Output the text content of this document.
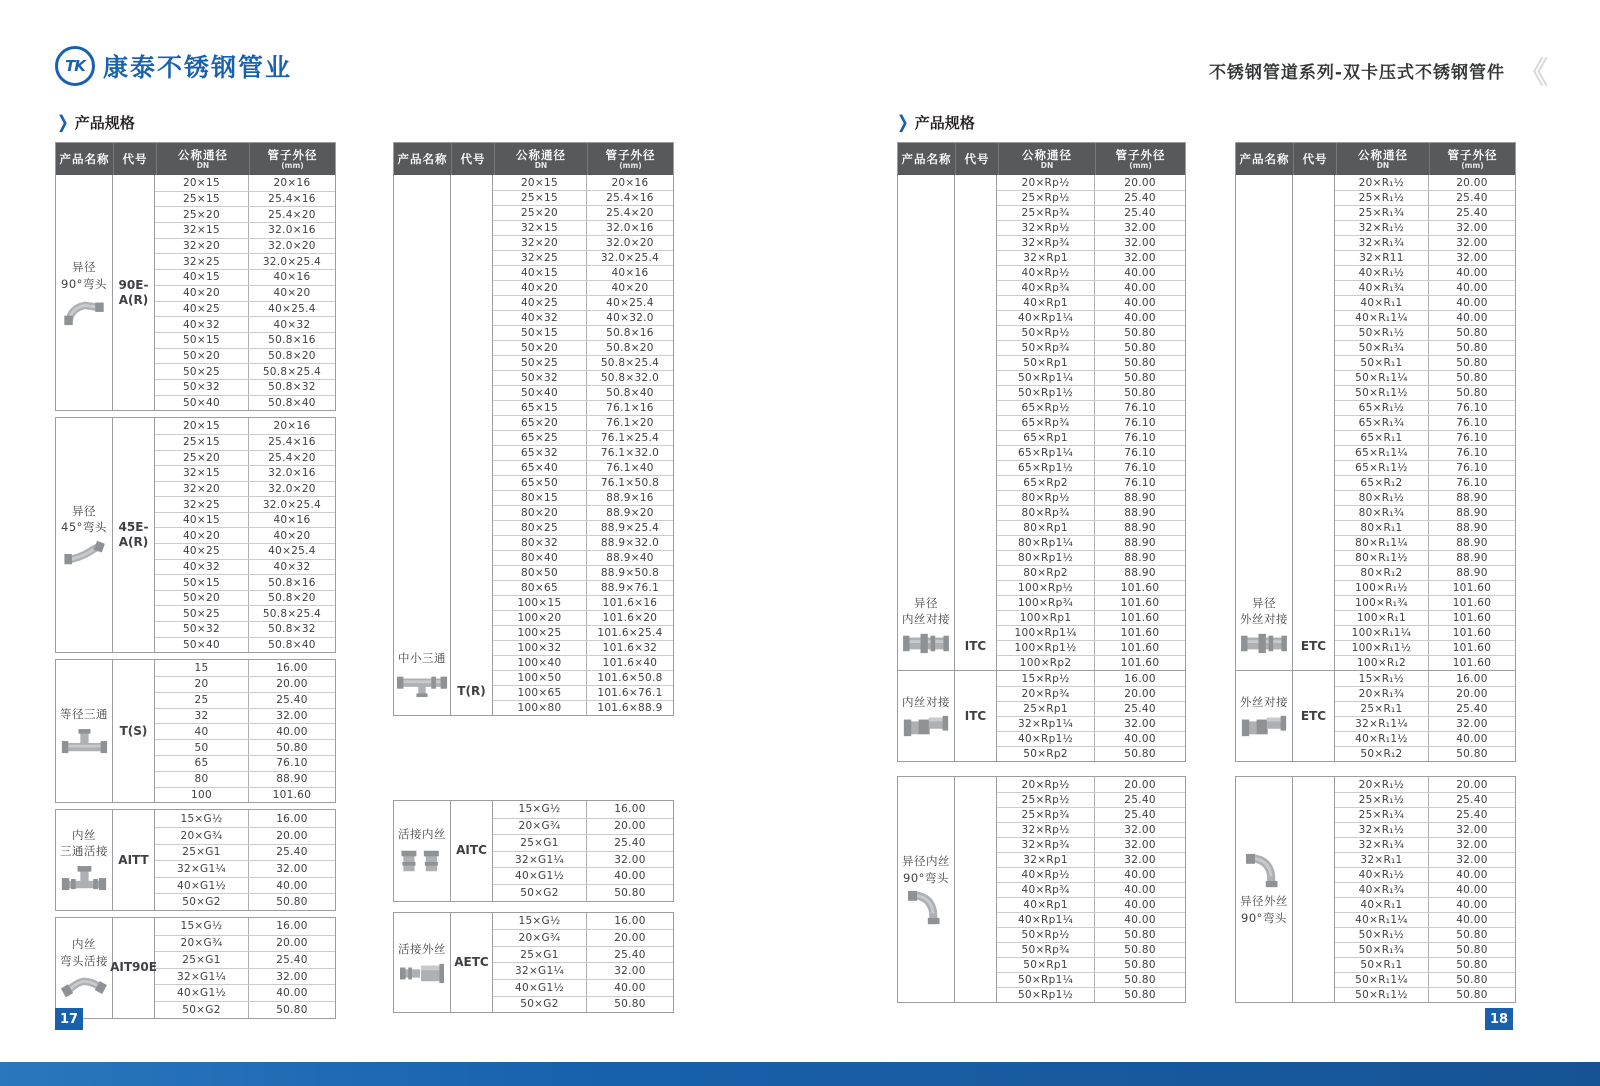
TK 康泰不锈钢管业	不锈钢管道系列-双卡压式不锈钢管件 《
❯ 产品规格	❯ 产品规格
产品名称 代号	公称通径
DN
管子外径
(mm)
异径
90°弯头 90E-
A(R)
20×15	20×16
25×15	25.4×16
25×20	25.4×20
32×15	32.0×16
32×20	32.0×20
32×25	32.0×25.4
40×15	40×16
40×20	40×20
40×25	40×25.4
40×32	40×32
50×15	50.8×16
50×20	50.8×20
50×25	50.8×25.4
50×32	50.8×32
50×40	50.8×40
异径
45°弯头 45E-
A(R)
20×15	20×16
25×15	25.4×16
25×20	25.4×20
32×15	32.0×16
32×20	32.0×20
32×25	32.0×25.4
40×15	40×16
40×20	40×20
40×25	40×25.4
40×32	40×32
50×15	50.8×16
50×20	50.8×20
50×25	50.8×25.4
50×32	50.8×32
50×40	50.8×40
等径三通
T(S)
15	16.00
20	20.00
25	25.40
32	32.00
40	40.00
50	50.80
65	76.10
80	88.90
100	101.60
内丝
三通活接
AITT
15×G½	16.00
20×G¾	20.00
25×G1	25.40
32×G1¼	32.00
40×G1½	40.00
50×G2	50.80
内丝
弯头活接 AIT90E
15×G½	16.00
20×G¾	20.00
25×G1	25.40
32×G1¼	32.00
40×G1½	40.00
50×G2	50.80
产品名称 代号	公称通径
DN
管子外径
(mm)
中小三通
T(R)
20×15	20×16
25×15	25.4×16
25×20	25.4×20
32×15	32.0×16
32×20	32.0×20
32×25	32.0×25.4
40×15	40×16
40×20	40×20
40×25	40×25.4
40×32	40×32.0
50×15	50.8×16
50×20	50.8×20
50×25	50.8×25.4
50×32	50.8×32.0
50×40	50.8×40
65×15	76.1×16
65×20	76.1×20
65×25	76.1×25.4
65×32	76.1×32.0
65×40	76.1×40
65×50	76.1×50.8
80×15	88.9×16
80×20	88.9×20
80×25	88.9×25.4
80×32	88.9×32.0
80×40	88.9×40
80×50	88.9×50.8
80×65	88.9×76.1
100×15	101.6×16
100×20	101.6×20
100×25	101.6×25.4
100×32	101.6×32
100×40	101.6×40
100×50	101.6×50.8
100×65	101.6×76.1
100×80	101.6×88.9
活接内丝
AITC
15×G½	16.00
20×G¾	20.00
25×G1	25.40
32×G1¼	32.00
40×G1½	40.00
50×G2	50.80
活接外丝
AETC
15×G½	16.00
20×G¾	20.00
25×G1	25.40
32×G1¼	32.00
40×G1½	40.00
50×G2	50.80
产品名称 代号	公称通径
DN
管子外径
(mm)
异径
内丝对接
ITC
20×Rp½	20.00
25×Rp½	25.40
25×Rp¾	25.40
32×Rp½	32.00
32×Rp¾	32.00
32×Rp1	32.00
40×Rp½	40.00
40×Rp¾	40.00
40×Rp1	40.00
40×Rp1¼	40.00
50×Rp½	50.80
50×Rp¾	50.80
50×Rp1	50.80
50×Rp1¼	50.80
50×Rp1½	50.80
65×Rp½	76.10
65×Rp¾	76.10
65×Rp1	76.10
65×Rp1¼	76.10
65×Rp1½	76.10
65×Rp2	76.10
80×Rp½	88.90
80×Rp¾	88.90
80×Rp1	88.90
80×Rp1¼	88.90
80×Rp1½	88.90
80×Rp2	88.90
100×Rp½	101.60
100×Rp¾	101.60
100×Rp1	101.60
100×Rp1¼	101.60
100×Rp1½	101.60
100×Rp2	101.60
内丝对接
ITC
15×Rp½	16.00
20×Rp¾	20.00
25×Rp1	25.40
32×Rp1¼	32.00
40×Rp1½	40.00
50×Rp2	50.80
异径内丝
90°弯头
20×Rp½	20.00
25×Rp½	25.40
25×Rp¾	25.40
32×Rp½	32.00
32×Rp¾	32.00
32×Rp1	32.00
40×Rp½	40.00
40×Rp¾	40.00
40×Rp1	40.00
40×Rp1¼	40.00
50×Rp½	50.80
50×Rp¾	50.80
50×Rp1	50.80
50×Rp1¼	50.80
50×Rp1½	50.80
产品名称 代号	公称通径
DN
管子外径
(mm)
异径
外丝对接
ETC
20×R₁½	20.00
25×R₁½	25.40
25×R₁¾	25.40
32×R₁½	32.00
32×R₁¾	32.00
32×R11	32.00
40×R₁½	40.00
40×R₁¾	40.00
40×R₁1	40.00
40×R₁1¼	40.00
50×R₁½	50.80
50×R₁¾	50.80
50×R₁1	50.80
50×R₁1¼	50.80
50×R₁1½	50.80
65×R₁½	76.10
65×R₁¾	76.10
65×R₁1	76.10
65×R₁1¼	76.10
65×R₁1½	76.10
65×R₁2	76.10
80×R₁½	88.90
80×R₁¾	88.90
80×R₁1	88.90
80×R₁1¼	88.90
80×R₁1½	88.90
80×R₁2	88.90
100×R₁½	101.60
100×R₁¾	101.60
100×R₁1	101.60
100×R₁1¼	101.60
100×R₁1½	101.60
100×R₁2	101.60
外丝对接
ETC
15×R₁½	16.00
20×R₁¾	20.00
25×R₁1	25.40
32×R₁1¼	32.00
40×R₁1½	40.00
50×R₁2	50.80
异径外丝
90°弯头
20×R₁½	20.00
25×R₁½	25.40
25×R₁¾	25.40
32×R₁½	32.00
32×R₁¾	32.00
32×R₁1	32.00
40×R₁½	40.00
40×R₁¾	40.00
40×R₁1	40.00
40×R₁1¼	40.00
50×R₁½	50.80
50×R₁¾	50.80
50×R₁1	50.80
50×R₁1¼	50.80
50×R₁1½	50.80
17	18
